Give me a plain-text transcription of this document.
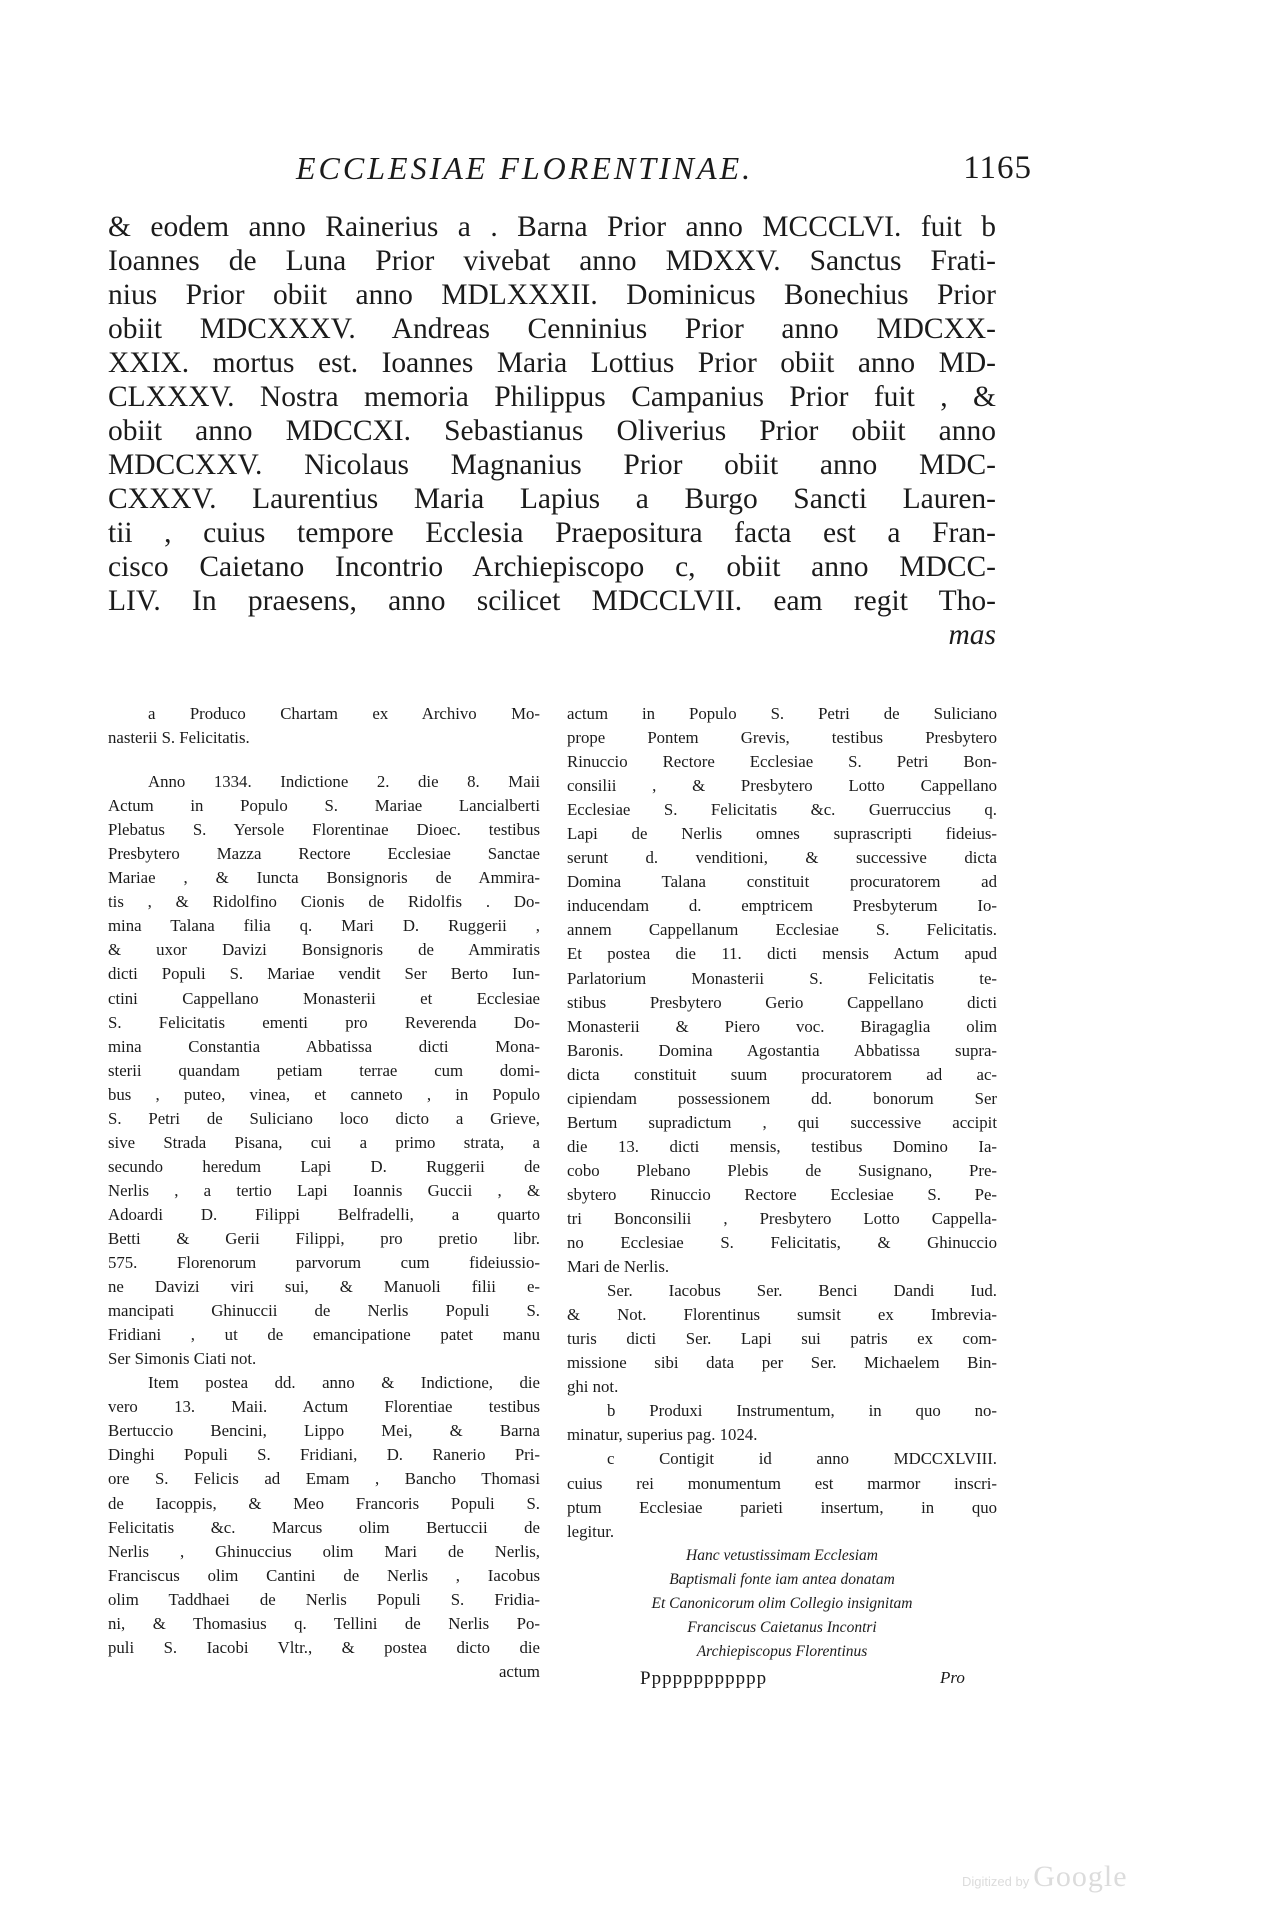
ECCLESIAE FLORENTINAE.	1165
& eodem anno Rainerius a . Barna Prior anno MCCCLVI. fuit b
Ioannes de Luna Prior vivebat anno MDXXV. Sanctus Frati-
nius Prior obiit anno MDLXXXII. Dominicus Bonechius Prior
obiit MDCXXXV. Andreas Cenninius Prior anno MDCXX-
XXIX. mortus est. Ioannes Maria Lottius Prior obiit anno MD-
CLXXXV. Nostra memoria Philippus Campanius Prior fuit , &
obiit anno MDCCXI. Sebastianus Oliverius Prior obiit anno
MDCCXXV. Nicolaus Magnanius Prior obiit anno MDC-
CXXXV. Laurentius Maria Lapius a Burgo Sancti Lauren-
tii , cuius tempore Ecclesia Praepositura facta est a Fran-
cisco Caietano Incontrio Archiepiscopo c, obiit anno MDCC-
LIV. In praesens, anno scilicet MDCCLVII. eam regit Tho-
mas
a Produco Chartam ex Archivo Mo-
nasterii S. Felicitatis.
Anno 1334. Indictione 2. die 8. Maii
Actum in Populo S. Mariae Lancialberti
Plebatus S. Yersole Florentinae Dioec. testibus
Presbytero Mazza Rectore Ecclesiae Sanctae
Mariae , & Iuncta Bonsignoris de Ammira-
tis , & Ridolfino Cionis de Ridolfis . Do-
mina Talana filia q. Mari D. Ruggerii ,
& uxor Davizi Bonsignoris de Ammiratis
dicti Populi S. Mariae vendit Ser Berto Iun-
ctini Cappellano Monasterii et Ecclesiae
S. Felicitatis ementi pro Reverenda Do-
mina Constantia Abbatissa dicti Mona-
sterii quandam petiam terrae cum domi-
bus , puteo, vinea, et canneto , in Populo
S. Petri de Suliciano loco dicto a Grieve,
sive Strada Pisana, cui a primo strata, a
secundo heredum Lapi D. Ruggerii de
Nerlis , a tertio Lapi Ioannis Guccii , &
Adoardi D. Filippi Belfradelli, a quarto
Betti & Gerii Filippi, pro pretio libr.
575. Florenorum parvorum cum fideiussio-
ne Davizi viri sui, & Manuoli filii e-
mancipati Ghinuccii de Nerlis Populi S.
Fridiani , ut de emancipatione patet manu
Ser Simonis Ciati not.
Item postea dd. anno & Indictione, die
vero 13. Maii. Actum Florentiae testibus
Bertuccio Bencini, Lippo Mei, & Barna
Dinghi Populi S. Fridiani, D. Ranerio Pri-
ore S. Felicis ad Emam , Bancho Thomasi
de Iacoppis, & Meo Francoris Populi S.
Felicitatis &c. Marcus olim Bertuccii de
Nerlis , Ghinuccius olim Mari de Nerlis,
Franciscus olim Cantini de Nerlis , Iacobus
olim Taddhaei de Nerlis Populi S. Fridia-
ni, & Thomasius q. Tellini de Nerlis Po-
puli S. Iacobi Vltr., & postea dicto die
actum
actum in Populo S. Petri de Suliciano
prope Pontem Grevis, testibus Presbytero
Rinuccio Rectore Ecclesiae S. Petri Bon-
consilii , & Presbytero Lotto Cappellano
Ecclesiae S. Felicitatis &c. Guerruccius q.
Lapi de Nerlis omnes suprascripti fideius-
serunt d. venditioni, & successive dicta
Domina Talana constituit procuratorem ad
inducendam d. emptricem Presbyterum Io-
annem Cappellanum Ecclesiae S. Felicitatis.
Et postea die 11. dicti mensis Actum apud
Parlatorium Monasterii S. Felicitatis te-
stibus Presbytero Gerio Cappellano dicti
Monasterii & Piero voc. Biragaglia olim
Baronis. Domina Agostantia Abbatissa supra-
dicta constituit suum procuratorem ad ac-
cipiendam possessionem dd. bonorum Ser
Bertum supradictum , qui successive accipit
die 13. dicti mensis, testibus Domino Ia-
cobo Plebano Plebis de Susignano, Pre-
sbytero Rinuccio Rectore Ecclesiae S. Pe-
tri Bonconsilii , Presbytero Lotto Cappella-
no Ecclesiae S. Felicitatis, & Ghinuccio
Mari de Nerlis.
Ser. Iacobus Ser. Benci Dandi Iud.
& Not. Florentinus sumsit ex Imbrevia-
turis dicti Ser. Lapi sui patris ex com-
missione sibi data per Ser. Michaelem Bin-
ghi not.
b Produxi Instrumentum, in quo no-
minatur, superius pag. 1024.
c Contigit id anno MDCCXLVIII.
cuius rei monumentum est marmor inscri-
ptum Ecclesiae parieti insertum, in quo
legitur.
Hanc vetustissimam Ecclesiam
Baptismali fonte iam antea donatam
Et Canonicorum olim Collegio insignitam
Franciscus Caietanus Incontri
Archiepiscopus Florentinus
Pppppppppppp	Pro
Digitized by Google
